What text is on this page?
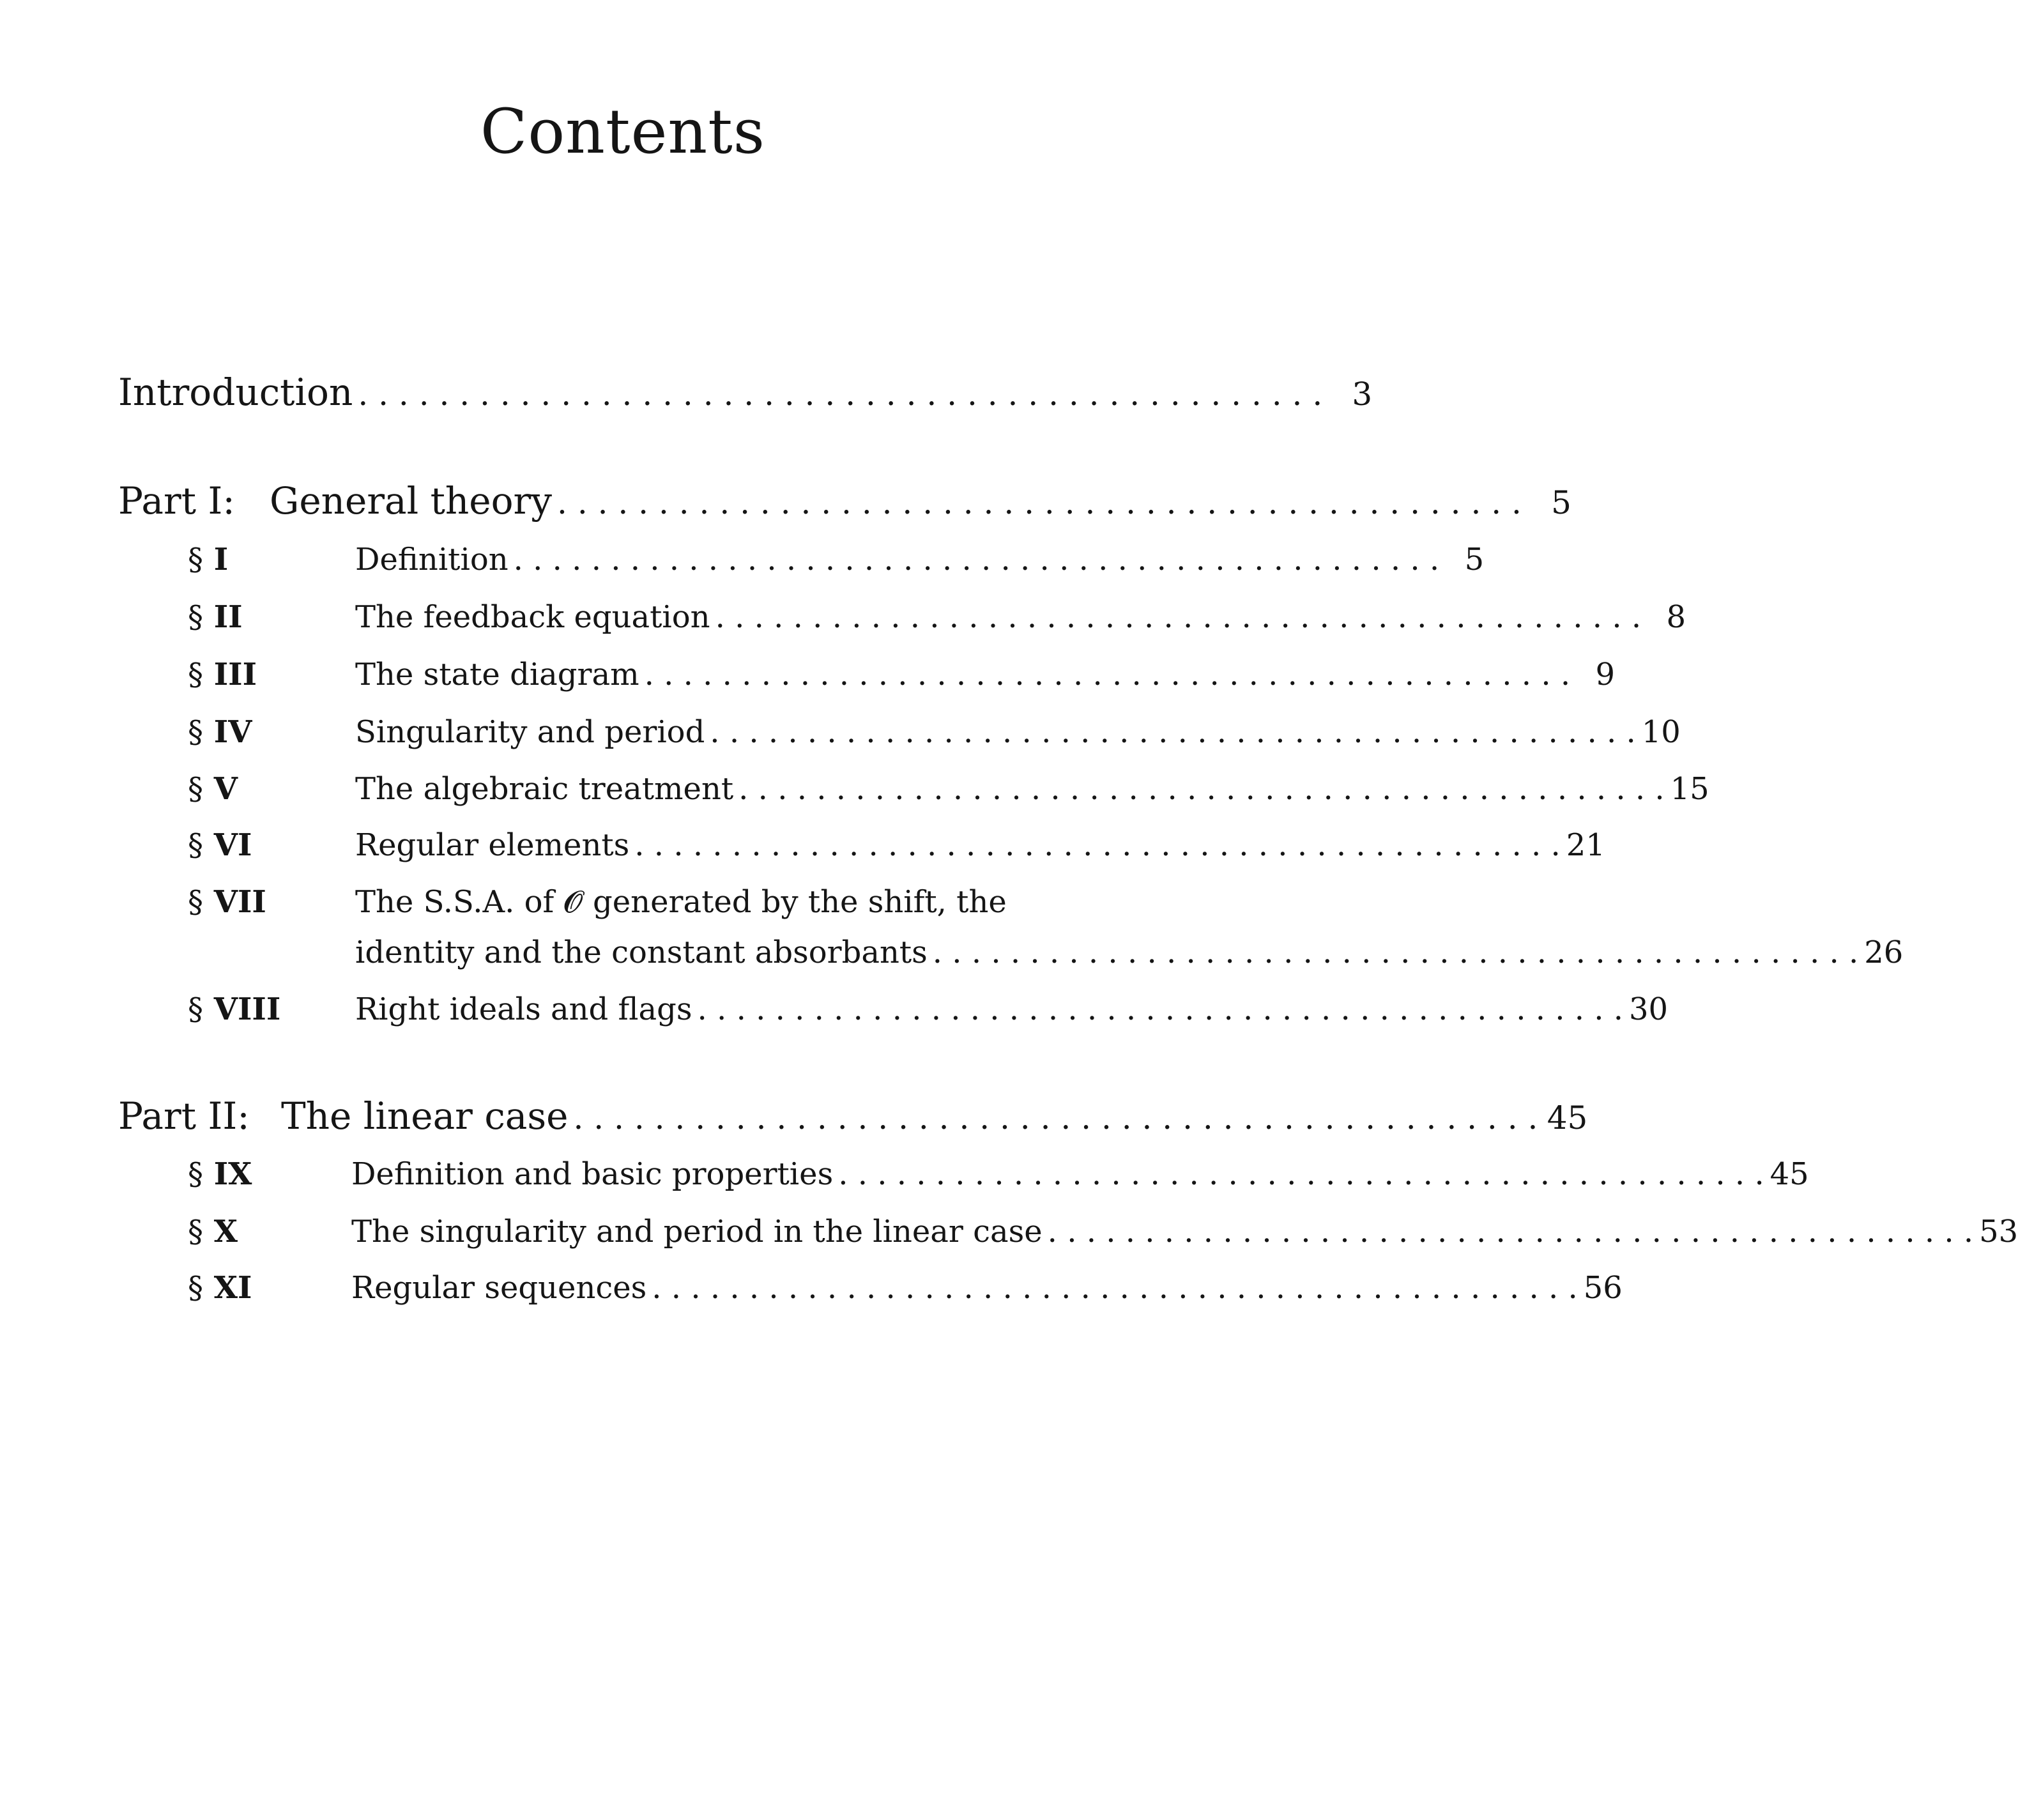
Contents
Introduction . . . . . . . . . . . . . . . . . . . . . . . . . . . . . . . . . . . . . . . . . . . . . . . . 3
Part I: General theory . . . . . . . . . . . . . . . . . . . . . . . . . . . . . . . . . . . . . . . . . . . . . . . . 5
§ I	Definition . . . . . . . . . . . . . . . . . . . . . . . . . . . . . . . . . . . . . . . . . . . . . . . . 5
§ II	The feedback equation . . . . . . . . . . . . . . . . . . . . . . . . . . . . . . . . . . . . . . . . . . . . . . . . 8
§ III	The state diagram . . . . . . . . . . . . . . . . . . . . . . . . . . . . . . . . . . . . . . . . . . . . . . . . 9
§ IV	Singularity and period . . . . . . . . . . . . . . . . . . . . . . . . . . . . . . . . . . . . . . . . . . . . . . . . 10
§ V	The algebraic treatment . . . . . . . . . . . . . . . . . . . . . . . . . . . . . . . . . . . . . . . . . . . . . . . . 15
§ VI	Regular elements . . . . . . . . . . . . . . . . . . . . . . . . . . . . . . . . . . . . . . . . . . . . . . . . 21
§ VII	The S.S.A. of 𝓞 generated by the shift, the
identity and the constant absorbants . . . . . . . . . . . . . . . . . . . . . . . . . . . . . . . . . . . . . . . . . . . . . . . . 26
§ VIII Right ideals and flags . . . . . . . . . . . . . . . . . . . . . . . . . . . . . . . . . . . . . . . . . . . . . . . . 30
Part II: The linear case . . . . . . . . . . . . . . . . . . . . . . . . . . . . . . . . . . . . . . . . . . . . . . . . 45
§ IX	Definition and basic properties . . . . . . . . . . . . . . . . . . . . . . . . . . . . . . . . . . . . . . . . . . . . . . . . 45
§ X	The singularity and period in the linear case . . . . . . . . . . . . . . . . . . . . . . . . . . . . . . . . . . . . . . . . . . . . . . . . 53
§ XI	Regular sequences . . . . . . . . . . . . . . . . . . . . . . . . . . . . . . . . . . . . . . . . . . . . . . . . 56
